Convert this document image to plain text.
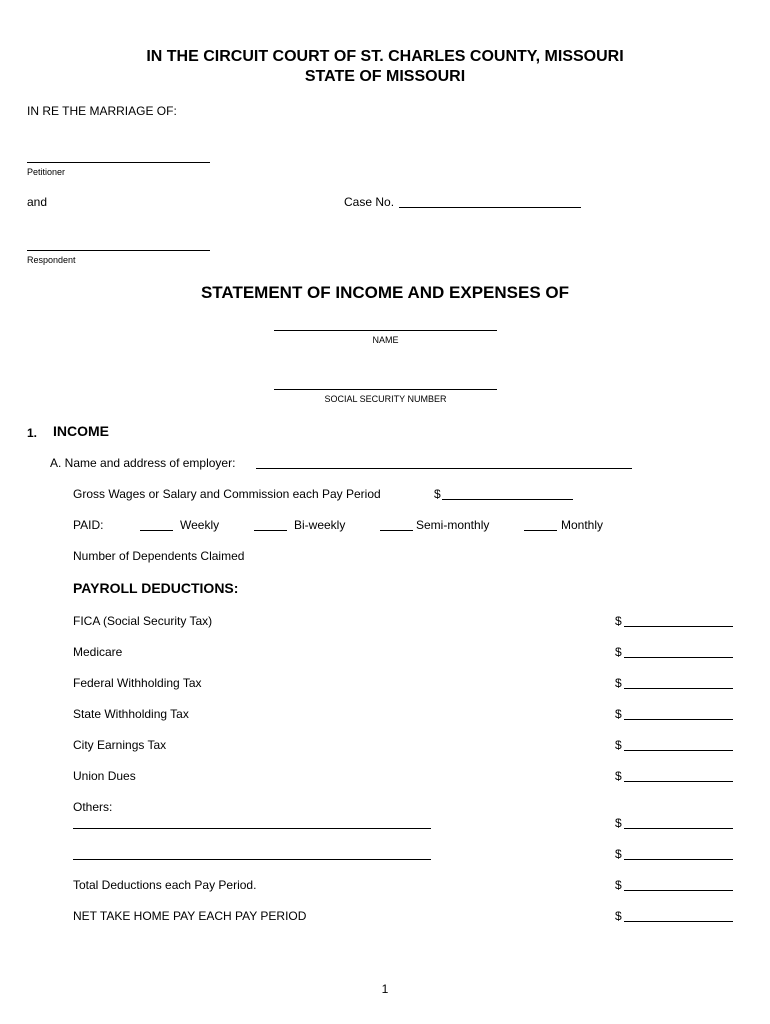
IN THE CIRCUIT COURT OF ST. CHARLES COUNTY, MISSOURI
STATE OF MISSOURI
IN RE THE MARRIAGE OF:
Petitioner
and	Case No.
Respondent
STATEMENT OF INCOME AND EXPENSES OF
NAME
SOCIAL SECURITY NUMBER
1. INCOME
A. Name and address of employer:
Gross Wages or Salary and Commission each Pay Period	$
PAID:	Weekly	Bi-weekly	Semi-monthly	Monthly
Number of Dependents Claimed
PAYROLL DEDUCTIONS:
FICA (Social Security Tax)	$
Medicare	$
Federal Withholding Tax	$
State Withholding Tax	$
City Earnings Tax	$
Union Dues	$
Others:
$
$
Total Deductions each Pay Period.	$
NET TAKE HOME PAY EACH PAY PERIOD	$
1
